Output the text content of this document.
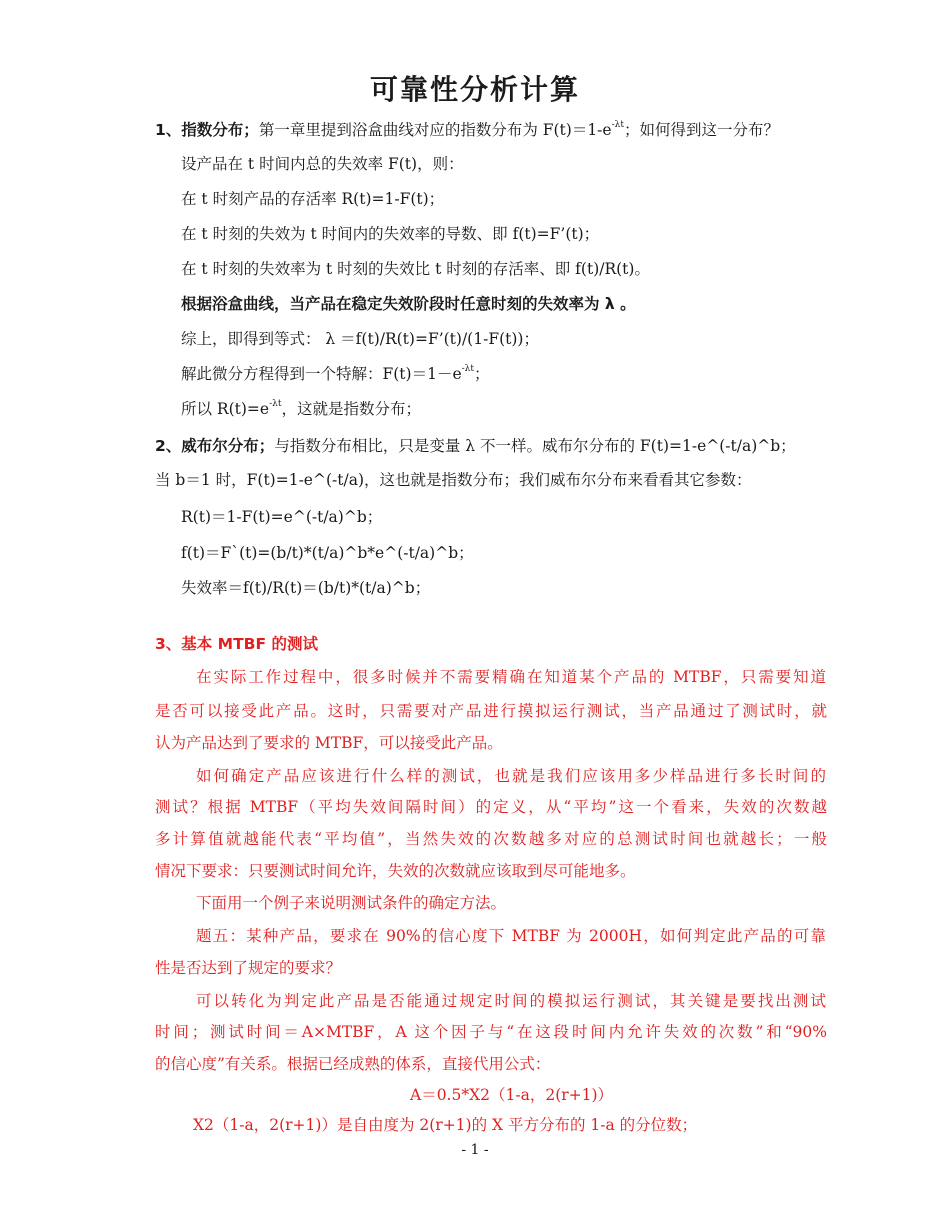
可靠性分析计算

1、指数分布；第一章里提到浴盒曲线对应的指数分布为 $F(t)=1-e^{-\lambda t}$；如何得到这一分布？

设产品在 t 时间内总的失效率 F(t)，则：

在 t 时刻产品的存活率 R(t)=1-F(t)；

在 t 时刻的失效为 t 时间内的失效率的导数、即 f(t)=F’(t)；

在 t 时刻的失效率为 t 时刻的失效比 t 时刻的存活率、即 f(t)/R(t)。

根据浴盒曲线，当产品在稳定失效阶段时任意时刻的失效率为 λ 。

综上，即得到等式： λ ＝f(t)/R(t)=F’(t)/(1-F(t))；

解此微分方程得到一个特解：$F(t)=1-e^{-\lambda t}$；

所以 $R(t)=e^{-\lambda t}$，这就是指数分布；

2、威布尔分布；与指数分布相比，只是变量 λ 不一样。威布尔分布的 F(t)=1-e^(-t/a)^b；

当 b＝1 时，F(t)=1-e^(-t/a)，这也就是指数分布；我们威布尔分布来看看其它参数：

R(t)＝1-F(t)=e^(-t/a)^b；

f(t)＝F`(t)=(b/t)*(t/a)^b*e^(-t/a)^b；

失效率＝f(t)/R(t)＝(b/t)*(t/a)^b；

3、基本 MTBF 的测试

在实际工作过程中，很多时候并不需要精确在知道某个产品的 MTBF，只需要知道

是否可以接受此产品。这时，只需要对产品进行摸拟运行测试，当产品通过了测试时，就

认为产品达到了要求的 MTBF，可以接受此产品。

如何确定产品应该进行什么样的测试，也就是我们应该用多少样品进行多长时间的

测试？根据 MTBF（平均失效间隔时间）的定义，从“平均”这一个看来，失效的次数越

多计算值就越能代表“平均值”，当然失效的次数越多对应的总测试时间也就越长；一般

情况下要求：只要测试时间允许，失效的次数就应该取到尽可能地多。

下面用一个例子来说明测试条件的确定方法。

题五：某种产品，要求在 90%的信心度下 MTBF 为 2000H，如何判定此产品的可靠

性是否达到了规定的要求？

可以转化为判定此产品是否能通过规定时间的模拟运行测试，其关键是要找出测试

时间；测试时间＝A×MTBF，A 这个因子与“在这段时间内允许失效的次数”和“90%

的信心度”有关系。根据已经成熟的体系，直接代用公式：

A＝0.5*X2（1-a，2(r+1)）

X2（1-a，2(r+1)）是自由度为 2(r+1)的 X 平方分布的 1-a 的分位数；

- 1 -
